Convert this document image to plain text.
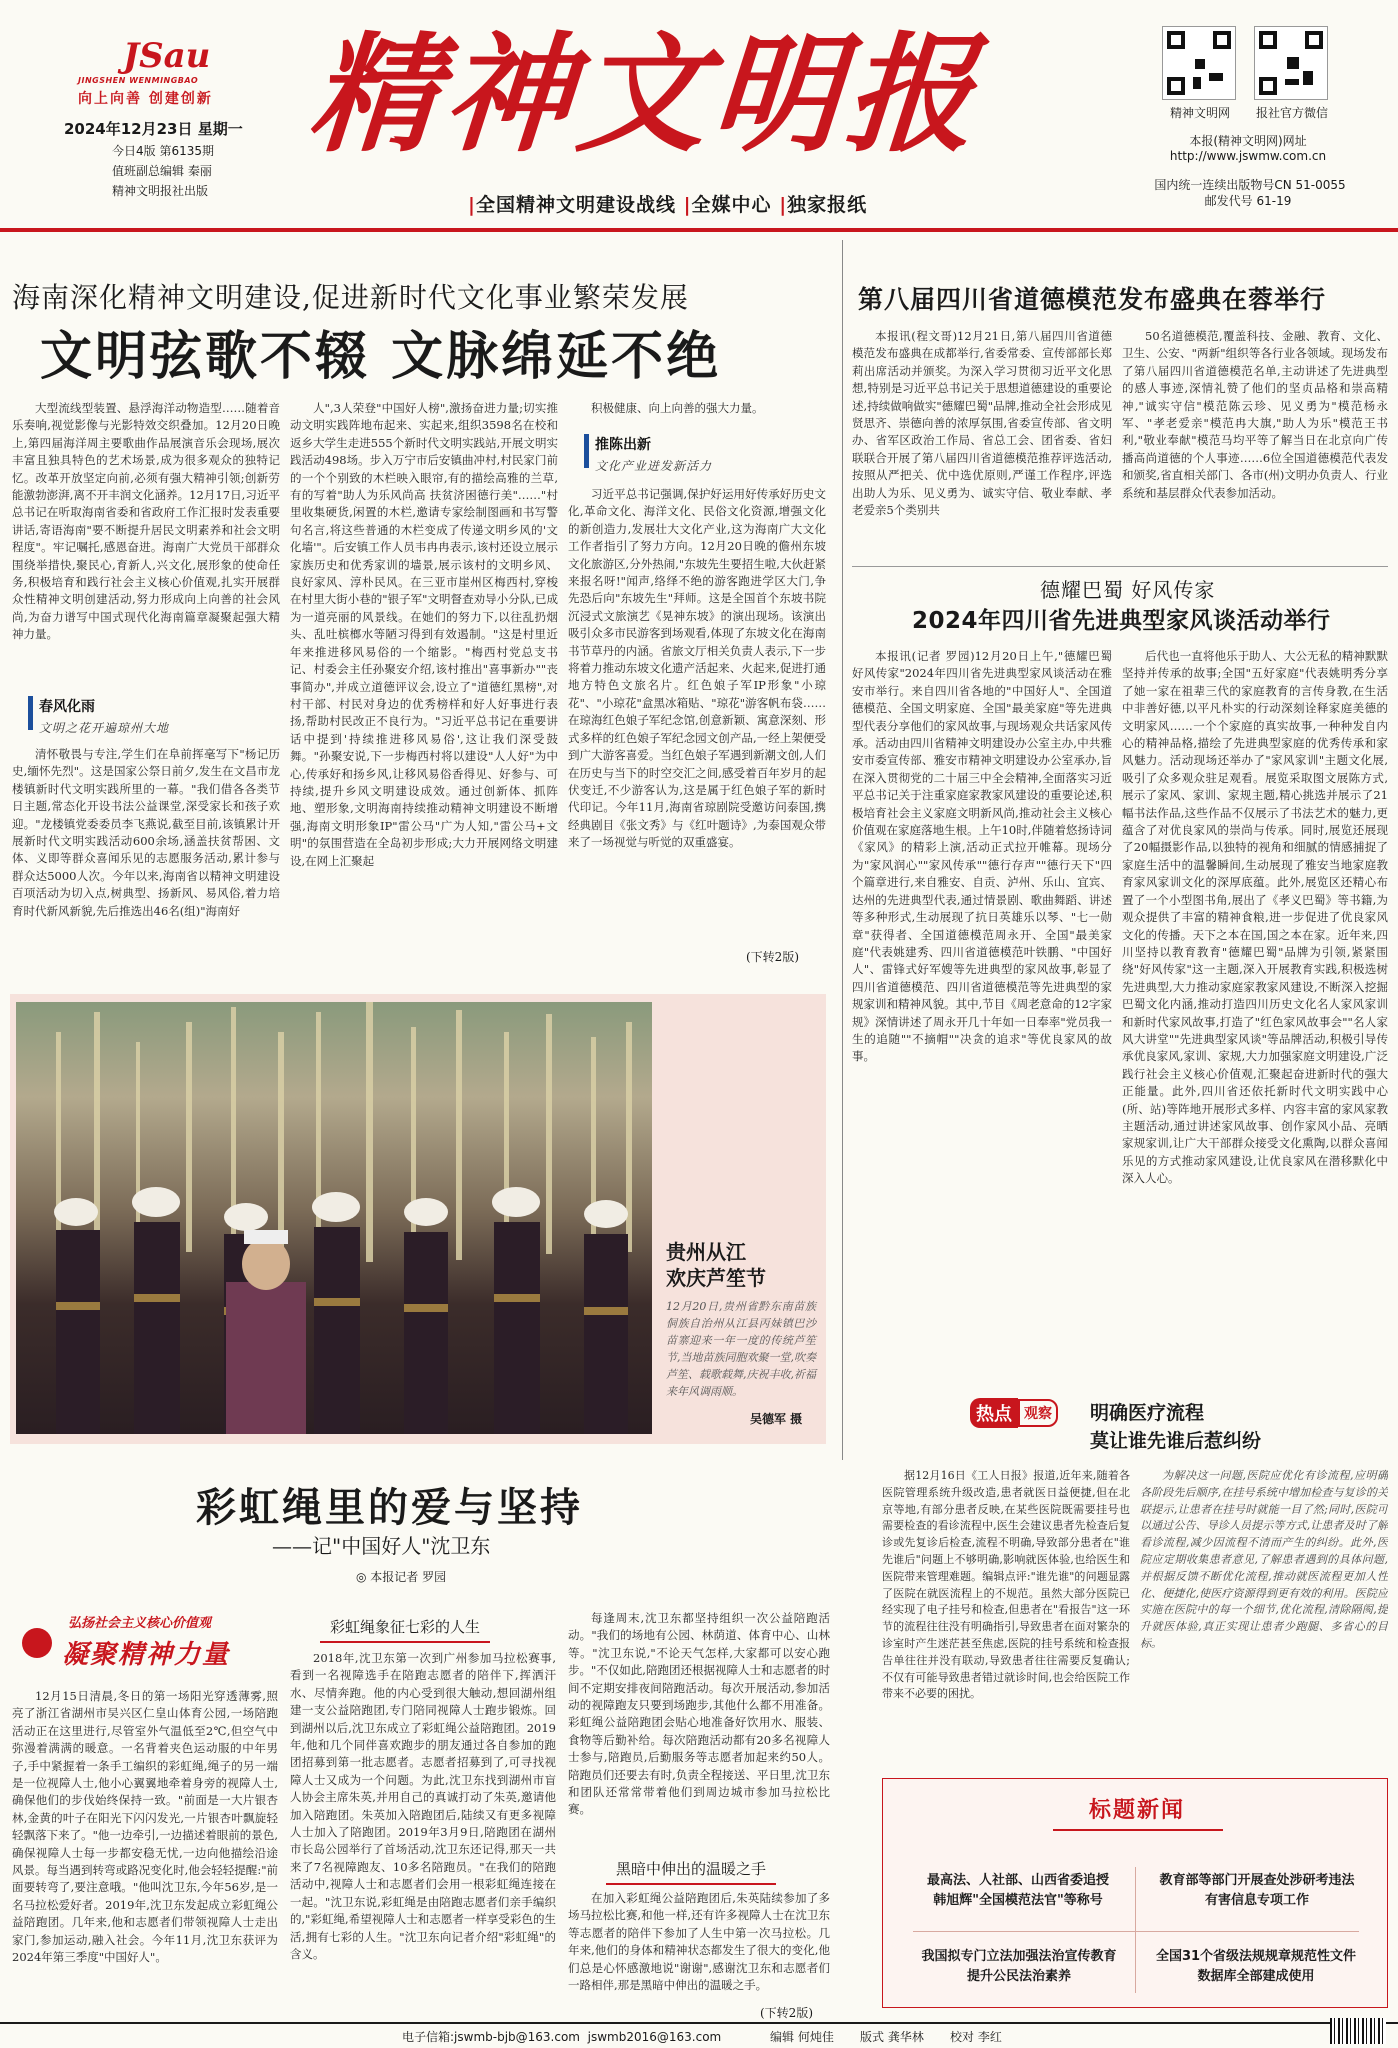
JSau
JINGSHEN WENMINGBAO
向上向善 创建创新 精神文明报
2024年12月23日 星期一
今日4版 第6135期
值班副总编辑 秦丽
精神文明报社出版
精神文明网	报社官方微信
本报(精神文明网)网址
http://www.jswmw.com.cn
国内统一连续出版物号CN 51-0055
邮发代号 61-19
|全国精神文明建设战线 |全媒中心 |独家报纸
海南深化精神文明建设,促进新时代文化事业繁荣发展
文明弦歌不辍 文脉绵延不绝
大型流线型装置、悬浮海洋动物造型……随着音乐奏响,视觉影像与光影特效交织叠加。12月20日晚上,第四届海洋周主要歌曲作品展演音乐会现场,展次丰富且独具特色的艺术场景,成为很多观众的独特记忆。改革开放坚定向前,必须有强大精神引领;创新劳能激勃澎湃,离不开丰润文化涵养。12月17日,习近平总书记在听取海南省委和省政府工作汇报时发表重要讲话,寄语海南"要不断提升居民文明素养和社会文明程度"。牢记嘱托,感恩奋进。海南广大党员干部群众围绕举措快,聚民心,育新人,兴文化,展形象的使命任务,积极培育和践行社会主义核心价值观,扎实开展群众性精神文明创建活动,努力形成向上向善的社会风尚,为奋力谱写中国式现代化海南篇章凝聚起强大精神力量。
春风化雨
文明之花开遍琼州大地
清怀敬畏与专注,学生们在阜前挥毫写下"杨记历史,缅怀先烈"。这是国家公祭日前夕,发生在文昌市龙楼镇新时代文明实践所里的一幕。"我们借各各类节日主题,常态化开设书法公益课堂,深受家长和孩子欢迎。"龙楼镇党委委员李飞燕说,截至目前,该镇累计开展新时代文明实践活动600余场,涵盖扶贫帮困、文体、义即等群众喜闻乐见的志愿服务活动,累计参与群众达5000人次。今年以来,海南省以精神文明建设百项活动为切入点,树典型、扬新风、易风俗,着力培育时代新风新貌,先后推选出46名(组)"海南好
人",3人荣登"中国好人榜",激扬奋进力量;切实推动文明实践阵地布起来、实起来,组织3598名在校和返乡大学生走进555个新时代文明实践站,开展文明实践活动498场。步入万宁市后安镇曲冲村,村民家门前的一个个别致的木栏映入眼帘,有的描绘高雅的兰草,有的写着"助人为乐风尚高 扶贫济困德行美"……"村里收集硬货,闲置的木栏,邀请专家绘制图画和书写警句名言,将这些普通的木栏变成了传递文明乡风的'文化墙'"。后安镇工作人员韦冉冉表示,该村还设立展示家族历史和优秀家训的墙景,展示该村的文明乡风、良好家风、淳朴民风。在三亚市崖州区梅西村,穿梭在村里大街小巷的"银子军"文明督查劝导小分队,已成为一道亮丽的风景线。在她们的努力下,以往乱扔烟头、乱吐槟榔水等陋习得到有效遏制。"这是村里近年来推进移风易俗的一个缩影。"梅西村党总支书记、村委会主任孙聚安介绍,该村推出"喜事新办""丧事简办",并成立道德评议会,设立了"道德红黑榜",对村干部、村民对身边的优秀榜样和好人好事进行表扬,帮助村民改正不良行为。"习近平总书记在重要讲话中提到'持续推进移风易俗',这让我们深受鼓舞。"孙聚安说,下一步梅西村将以建设"人人好"为中心,传承好和扬乡风,让移风易俗香得见、好参与、可持续,提升乡风文明建设成效。通过创新体、抓阵地、塑形象,文明海南持续推动精神文明建设不断增强,海南文明形象IP"雷公马"广为人知,"雷公马+文明"的氛围营造在全岛初步形成;大力开展网络文明建设,在网上汇聚起
积极健康、向上向善的强大力量。
推陈出新
文化产业迸发新活力
习近平总书记强调,保护好运用好传承好历史文化,革命文化、海洋文化、民俗文化资源,增强文化的新创造力,发展壮大文化产业,这为海南广大文化工作者指引了努力方向。12月20日晚的儋州东坡文化旅游区,分外热闹,"东坡先生要招生啦,大伙赶紧来报名呀!"闻声,络绎不绝的游客跑进学区大门,争先恐后向"东坡先生"拜师。这是全国首个东坡书院沉浸式文旅演艺《晃神东坡》的演出现场。该演出吸引众多市民游客到场观看,体现了东坡文化在海南书节草丹的内涵。省旅文厅相关负责人表示,下一步将着力推动东坡文化遗产活起来、火起来,促进打通地方特色文旅名片。红色娘子军IP形象"小琼花"、"小琼花"盒黑冰箱贴、"琼花"游客帆布袋……在琼海红色娘子军纪念馆,创意新颖、寓意深刻、形式多样的红色娘子军纪念园文创产品,一经上架便受到广大游客喜爱。当红色娘子军遇到新潮文创,人们在历史与当下的时空交汇之间,感受着百年岁月的起伏变迁,不少游客认为,这是属于红色娘子军的新时代印记。今年11月,海南省琼剧院受邀访问泰国,携经典剧目《张文秀》与《红叶题诗》,为泰国观众带来了一场视觉与听觉的双重盛宴。
(下转2版)
贵州从江
欢庆芦笙节
12月20日,贵州省黔东南苗族侗族自治州从江县丙妹镇巴沙苗寨迎来一年一度的传统芦笙节,当地苗族同胞欢聚一堂,吹奏芦笙、载歌载舞,庆祝丰收,祈福来年风调雨顺。
吴德军 摄
第八届四川省道德模范发布盛典在蓉举行
本报讯(程文哥)12月21日,第八届四川省道德模范发布盛典在成都举行,省委常委、宣传部部长郑莉出席活动并颁奖。为深入学习贯彻习近平文化思想,特别是习近平总书记关于思想道德建设的重要论述,持续做响做实"德耀巴蜀"品牌,推动全社会形成见贤思齐、崇德向善的浓厚氛围,省委宣传部、省文明办、省军区政治工作局、省总工会、团省委、省妇联联合开展了第八届四川省道德模范推荐评选活动,按照从严把关、优中选优原则,严谨工作程序,评选出助人为乐、见义勇为、诚实守信、敬业奉献、孝老爱亲5个类别共
50名道德模范,覆盖科技、金融、教育、文化、卫生、公安、"两新"组织等各行业各领域。现场发布了第八届四川省道德模范名单,主动讲述了先进典型的感人事迹,深情礼赞了他们的坚贞品格和崇高精神,"诚实守信"模范陈云珍、见义勇为"模范杨永军、"孝老爱亲"模范冉大旗,"助人为乐"模范王书利,"敬业奉献"模范马均平等了解当日在北京向广传播高尚道德的个人事迹……6位全国道德模范代表发和颁奖,省直相关部门、各市(州)文明办负责人、行业系统和基层群众代表参加活动。
德耀巴蜀 好风传家
2024年四川省先进典型家风谈活动举行
本报讯(记者 罗园)12月20日上午,"德耀巴蜀 好风传家"2024年四川省先进典型家风谈活动在雅安市举行。来自四川省各地的"中国好人"、全国道德模范、全国文明家庭、全国"最美家庭"等先进典型代表分享他们的家风故事,与现场观众共话家风传承。活动由四川省精神文明建设办公室主办,中共雅安市委宣传部、雅安市精神文明建设办公室承办,旨在深入贯彻党的二十届三中全会精神,全面落实习近平总书记关于注重家庭家教家风建设的重要论述,积极培育社会主义家庭文明新风尚,推动社会主义核心价值观在家庭落地生根。上午10时,伴随着悠扬诗词《家风》的精彩上演,活动正式拉开帷幕。现场分为"家风润心""家风传承""德行存声""德行天下"四个篇章进行,来自雅安、自贡、泸州、乐山、宜宾、达州的先进典型代表,通过情景剧、歌曲舞蹈、讲述等多种形式,生动展现了抗日英雄乐以琴、"七一勋章"获得者、全国道德模范周永开、全国"最美家庭"代表姚建秀、四川省道德模范叶铁鹏、"中国好人"、雷锋式好军嫂等先进典型的家风故事,彰显了四川省道德模范、四川省道德模范等先进典型的家规家训和精神风貌。其中,节目《周老意命的12字家规》深情讲述了周永开几十年如一日奉率"党员我一生的追随""不摘帽""决贪的追求"等优良家风的故事。
后代也一直将他乐于助人、大公无私的精神默默坚持并传承的故事;全国"五好家庭"代表姚明秀分享了她一家在祖辈三代的家庭教育的言传身教,在生活中非善好德,以平凡朴实的行动深刻诠释家庭美德的文明家风……一个个家庭的真实故事,一种种发自内心的精神品格,描绘了先进典型家庭的优秀传承和家风魅力。活动现场还举办了"家风家训"主题文化展,吸引了众多观众驻足观看。展览采取图文展陈方式,展示了家风、家训、家规主题,精心挑选并展示了21幅书法作品,这些作品不仅展示了书法艺术的魅力,更蕴含了对优良家风的崇尚与传承。同时,展览还展现了20幅摄影作品,以独特的视角和细腻的情感捕捉了家庭生活中的温馨瞬间,生动展现了雅安当地家庭教育家风家训文化的深厚底蕴。此外,展览区还精心布置了一个小型图书角,展出了《孝义巴蜀》等书籍,为观众提供了丰富的精神食粮,进一步促进了优良家风文化的传播。天下之本在国,国之本在家。近年来,四川坚持以教育教育"德耀巴蜀"品牌为引领,紧紧围绕"好风传家"这一主题,深入开展教育实践,积极选树先进典型,大力推动家庭家教家风建设,不断深入挖掘巴蜀文化内涵,推动打造四川历史文化名人家风家训和新时代家风故事,打造了"红色家风故事会""名人家风大讲堂""先进典型家风谈"等品牌活动,积极引导传承优良家风,家训、家规,大力加强家庭文明建设,广泛践行社会主义核心价值观,汇聚起奋进新时代的强大正能量。此外,四川省还依托新时代文明实践中心(所、站)等阵地开展形式多样、内容丰富的家风家教主题活动,通过讲述家风故事、创作家风小品、亮晒家规家训,让广大干部群众接受文化熏陶,以群众喜闻乐见的方式推动家风建设,让优良家风在潜移默化中深入人心。
热点 观察	明确医疗流程
莫让谁先谁后惹纠纷
据12月16日《工人日报》报道,近年来,随着各医院管理系统升级改造,患者就医日益便捷,但在北京等地,有部分患者反映,在某些医院既需要挂号也需要检查的看诊流程中,医生会建议患者先检查后复诊或先复诊后检查,流程不明确,导致部分患者在"谁先谁后"问题上不够明确,影响就医体验,也给医生和医院带来管理难题。编辑点评:"谁先谁"的问题显露了医院在就医流程上的不规范。虽然大部分医院已经实现了电子挂号和检查,但患者在"看报告"这一环节的流程往往没有明确指引,导致患者在面对繁杂的诊室时产生迷茫甚至焦虑,医院的挂号系统和检查报告单往往并没有联动,导致患者往往需要反复确认;不仅有可能导致患者错过就诊时间,也会给医院工作带来不必要的困扰。
为解决这一问题,医院应优化有诊流程,应明确各阶段先后顺序,在挂号系统中增加检查与复诊的关联提示,让患者在挂号时就能一目了然;同时,医院可以通过公告、导诊人员提示等方式,让患者及时了解看诊流程,减少因流程不清而产生的纠纷。此外,医院应定期收集患者意见,了解患者遇到的具体问题,并根据反馈不断优化流程,推动就医流程更加人性化、便捷化,使医疗资源得到更有效的利用。医院应实施在医院中的每一个细节,优化流程,清除隔阂,提升就医体验,真正实现让患者少跑腿、多省心的目标。
标题新闻
最高法、人社部、山西省委追授韩旭辉"全国模范法官"等称号
教育部等部门开展查处涉研考违法有害信息专项工作
我国拟专门立法加强法治宣传教育提升公民法治素养
全国31个省级法规规章规范性文件数据库全部建成使用
彩虹绳里的爱与坚持
——记"中国好人"沈卫东
◎ 本报记者 罗园
弘扬社会主义核心价值观
凝聚精神力量
12月15日清晨,冬日的第一场阳光穿透薄雾,照亮了浙江省湖州市吴兴区仁皇山体育公园,一场陪跑活动正在这里进行,尽管室外气温低至2℃,但空气中弥漫着满满的暖意。一名背着夹色运动服的中年男子,手中紧握着一条手工编织的彩虹绳,绳子的另一端是一位视障人士,他小心翼翼地牵着身旁的视障人士,确保他们的步伐始终保持一致。"前面是一大片银杏林,金黄的叶子在阳光下闪闪发光,一片银杏叶飘旋轻轻飘落下来了。"他一边牵引,一边描述着眼前的景色,确保视障人士每一步都安稳无忧,一边向他描绘沿途风景。每当遇到转弯或路况变化时,他会轻轻提醒:"前面要转弯了,要注意哦。"他叫沈卫东,今年56岁,是一名马拉松爱好者。2019年,沈卫东发起成立彩虹绳公益陪跑团。几年来,他和志愿者们带领视障人士走出家门,参加运动,融入社会。今年11月,沈卫东获评为2024年第三季度"中国好人"。
彩虹绳象征七彩的人生
2018年,沈卫东第一次到广州参加马拉松赛事,看到一名视障选手在陪跑志愿者的陪伴下,挥洒汗水、尽情奔跑。他的内心受到很大触动,想回湖州组建一支公益陪跑团,专门陪同视障人士跑步锻炼。回到湖州以后,沈卫东成立了彩虹绳公益陪跑团。2019年,他和几个同伴喜欢跑步的朋友通过各自参加的跑团招募到第一批志愿者。志愿者招募到了,可寻找视障人士又成为一个问题。为此,沈卫东找到湖州市盲人协会主席朱英,并用自己的真诚打动了朱英,邀请他加入陪跑团。朱英加入陪跑团后,陆续又有更多视障人士加入了陪跑团。2019年3月9日,陪跑团在湖州市长岛公园举行了首场活动,沈卫东还记得,那天一共来了7名视障跑友、10多名陪跑员。"在我们的陪跑活动中,视障人士和志愿者们会用一根彩虹绳连接在一起。"沈卫东说,彩虹绳是由陪跑志愿者们亲手编织的,"彩虹绳,希望视障人士和志愿者一样享受彩色的生活,拥有七彩的人生。"沈卫东向记者介绍"彩虹绳"的含义。
每逢周末,沈卫东都坚持组织一次公益陪跑活动。"我们的场地有公园、林荫道、体育中心、山林等。"沈卫东说,"不论天气怎样,大家都可以安心跑步。"不仅如此,陪跑团还根据视障人士和志愿者的时间不定期安排夜间陪跑活动。每次开展活动,参加活动的视障跑友只要到场跑步,其他什么都不用准备。彩虹绳公益陪跑团会贴心地准备好饮用水、服装、食物等后勤补给。每次陪跑活动都有20多名视障人士参与,陪跑员,后勤服务等志愿者加起来约50人。陪跑员们还要去有时,负责全程接送、平日里,沈卫东和团队还常常带着他们到周边城市参加马拉松比赛。
黑暗中伸出的温暖之手
在加入彩虹绳公益陪跑团后,朱英陆续参加了多场马拉松比赛,和他一样,还有许多视障人士在沈卫东等志愿者的陪伴下参加了人生中第一次马拉松。几年来,他们的身体和精神状态都发生了很大的变化,他们总是心怀感激地说"谢谢",感谢沈卫东和志愿者们一路相伴,那是黑暗中伸出的温暖之手。
(下转2版)
电子信箱:jswmb-bjb@163.com  jswmb2016@163.com	编辑 何炖佳 版式 龚华林 校对 李红
